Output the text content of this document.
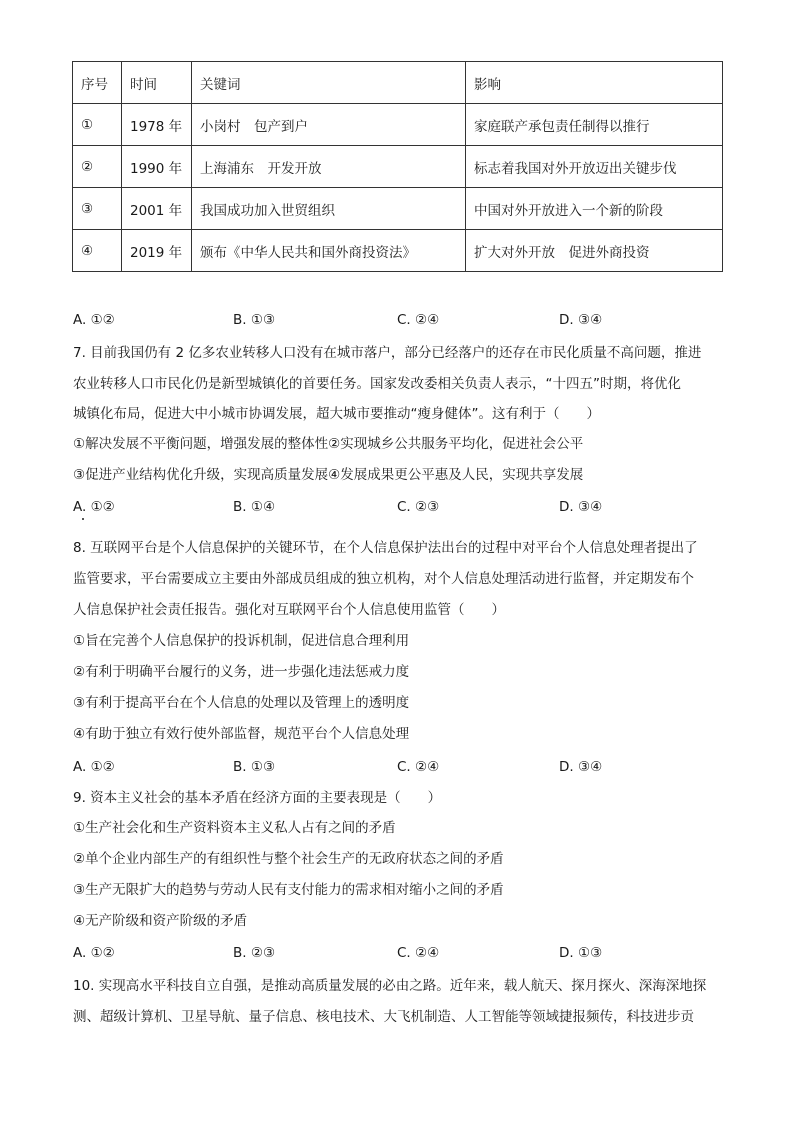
序号	时间	关键词	影响
①	1978 年	小岗村　包产到户	家庭联产承包责任制得以推行
②	1990 年	上海浦东　开发开放	标志着我国对外开放迈出关键步伐
③	2001 年	我国成功加入世贸组织	中国对外开放进入一个新的阶段
④	2019 年	颁布《中华人民共和国外商投资法》	扩大对外开放　促进外商投资
A. ①②	B. ①③	C. ②④	D. ③④
7. 目前我国仍有 2 亿多农业转移人口没有在城市落户，部分已经落户的还存在市民化质量不高问题，推进
农业转移人口市民化仍是新型城镇化的首要任务。国家发改委相关负责人表示，“十四五”时期，将优化
城镇化布局，促进大中小城市协调发展，超大城市要推动“瘦身健体”。这有利于（　　）
①解决发展不平衡问题，增强发展的整体性②实现城乡公共服务平均化，促进社会公平
③促进产业结构优化升级，实现高质量发展④发展成果更公平惠及人民，实现共享发展
A. ①②	B. ①④	C. ②③	D. ③④
8. 互联网平台是个人信息保护的关键环节，在个人信息保护法出台的过程中对平台个人信息处理者提出了
监管要求，平台需要成立主要由外部成员组成的独立机构，对个人信息处理活动进行监督，并定期发布个
人信息保护社会责任报告。强化对互联网平台个人信息使用监管（　　）
①旨在完善个人信息保护的投诉机制，促进信息合理利用
②有利于明确平台履行的义务，进一步强化违法惩戒力度
③有利于提高平台在个人信息的处理以及管理上的透明度
④有助于独立有效行使外部监督，规范平台个人信息处理
A. ①②	B. ①③	C. ②④	D. ③④
9. 资本主义社会的基本矛盾在经济方面的主要表现是（　　）
①生产社会化和生产资料资本主义私人占有之间的矛盾
②单个企业内部生产的有组织性与整个社会生产的无政府状态之间的矛盾
③生产无限扩大的趋势与劳动人民有支付能力的需求相对缩小之间的矛盾
④无产阶级和资产阶级的矛盾
A. ①②	B. ②③	C. ②④	D. ①③
10. 实现高水平科技自立自强，是推动高质量发展的必由之路。近年来，载人航天、探月探火、深海深地探
测、超级计算机、卫星导航、量子信息、核电技术、大飞机制造、人工智能等领域捷报频传，科技进步贡
